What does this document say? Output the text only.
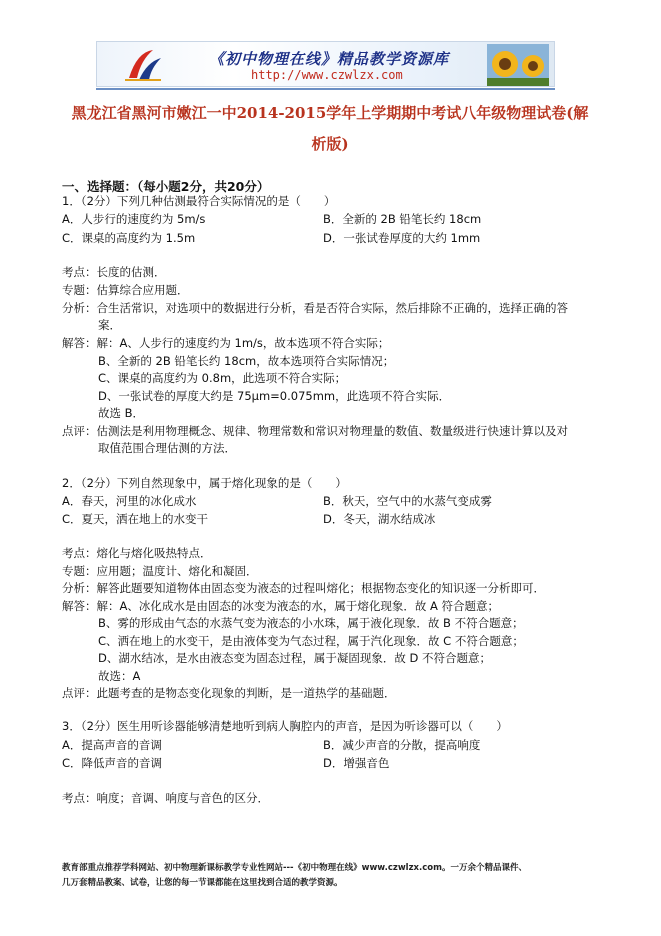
《初中物理在线》精品教学资源库
http://www.czwlzx.com
黑龙江省黑河市嫩江一中2014-2015学年上学期期中考试八年级物理试卷(解
析版)
一、选择题：（每小题2分，共20分）
1．（2分）下列几种估测最符合实际情况的是（　　）
A．人步行的速度约为 5m/s	B．全新的 2B 铅笔长约 18cm
C．课桌的高度约为 1.5m	D．一张试卷厚度的大约 1mm
考点：长度的估测．
专题：估算综合应用题．
分析：合生活常识，对选项中的数据进行分析，看是否符合实际，然后排除不正确的，选择正确的答
案．
解答：解：A、人步行的速度约为 1m/s，故本选项不符合实际；
B、全新的 2B 铅笔长约 18cm，故本选项符合实际情况；
C、课桌的高度约为 0.8m，此选项不符合实际；
D、一张试卷的厚度大约是 75μm=0.075mm，此选项不符合实际．
故选 B．
点评：估测法是利用物理概念、规律、物理常数和常识对物理量的数值、数量级进行快速计算以及对
取值范围合理估测的方法．
2．（2分）下列自然现象中，属于熔化现象的是（　　）
A．春天，河里的冰化成水	B．秋天，空气中的水蒸气变成雾
C．夏天，洒在地上的水变干	D．冬天，湖水结成冰
考点：熔化与熔化吸热特点．
专题：应用题；温度计、熔化和凝固．
分析：解答此题要知道物体由固态变为液态的过程叫熔化；根据物态变化的知识逐一分析即可．
解答：解：A、冰化成水是由固态的冰变为液态的水，属于熔化现象．故 A 符合题意；
B、雾的形成由气态的水蒸气变为液态的小水珠，属于液化现象．故 B 不符合题意；
C、洒在地上的水变干，是由液体变为气态过程，属于汽化现象．故 C 不符合题意；
D、湖水结冰，是水由液态变为固态过程，属于凝固现象．故 D 不符合题意；
故选：A
点评：此题考查的是物态变化现象的判断，是一道热学的基础题．
3．（2分）医生用听诊器能够清楚地听到病人胸腔内的声音，是因为听诊器可以（　　）
A．提高声音的音调	B．减少声音的分散，提高响度
C．降低声音的音调	D．增强音色
考点：响度；音调、响度与音色的区分．
教育部重点推荐学科网站、初中物理新课标教学专业性网站---《初中物理在线》www.czwlzx.com。一万余个精品课件、
几万套精品教案、试卷，让您的每一节课都能在这里找到合适的教学资源。
